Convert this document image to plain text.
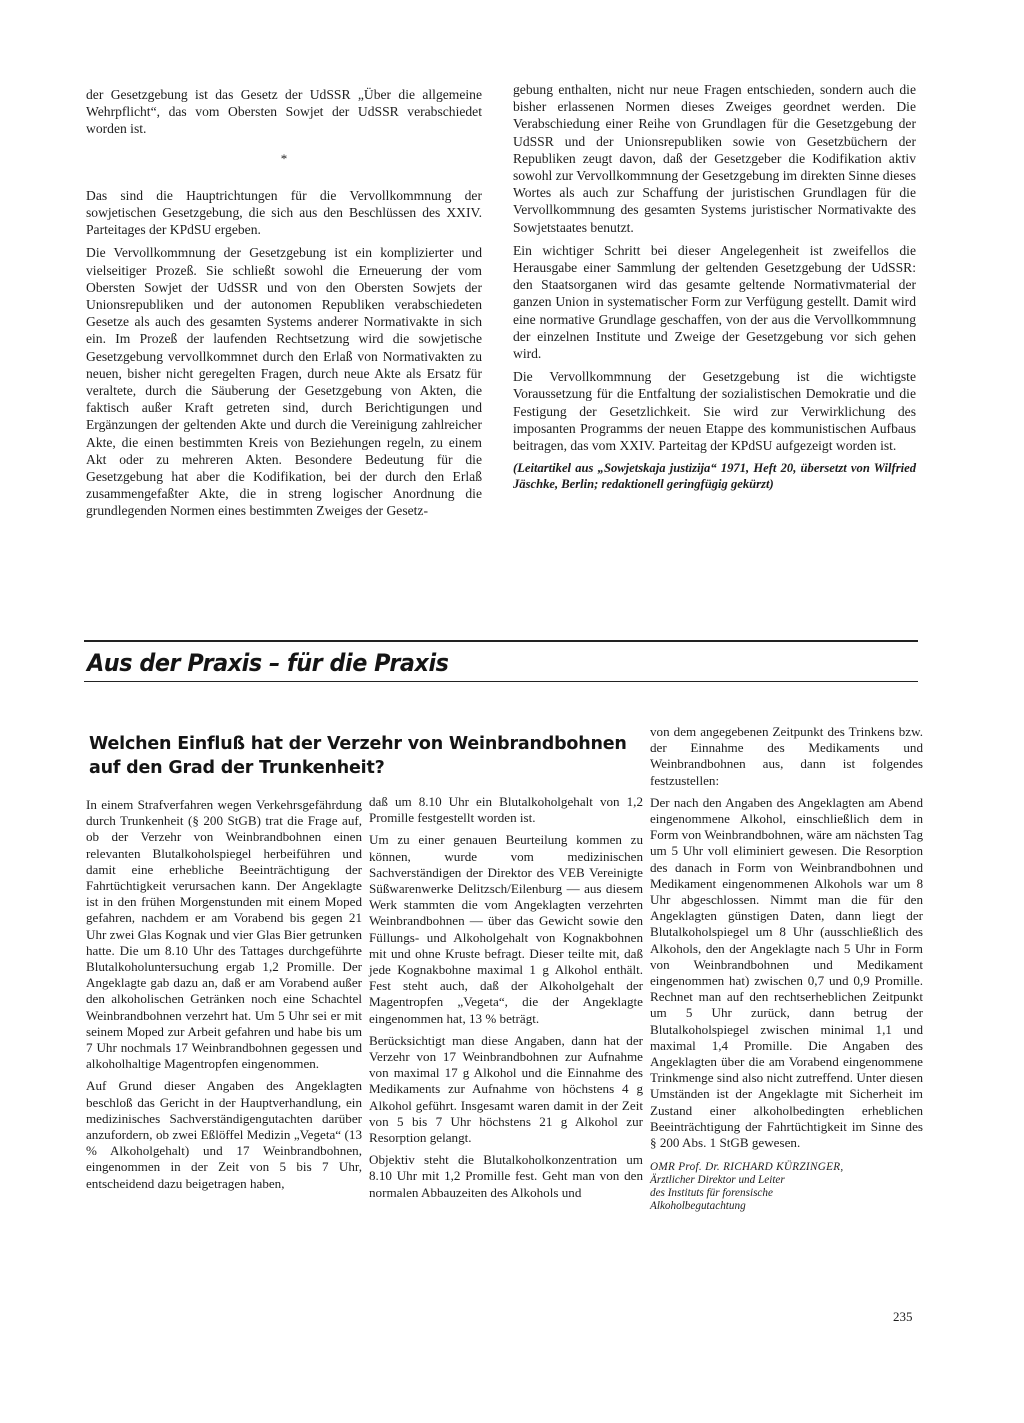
der Gesetzgebung ist das Gesetz der UdSSR „Über die allgemeine Wehrpflicht“, das vom Obersten Sowjet der UdSSR verabschiedet worden ist.

*

Das sind die Hauptrichtungen für die Vervollkommnung der sowjetischen Gesetzgebung, die sich aus den Beschlüssen des XXIV. Parteitages der KPdSU ergeben.

Die Vervollkommnung der Gesetzgebung ist ein komplizierter und vielseitiger Prozeß. Sie schließt sowohl die Erneuerung der vom Obersten Sowjet der UdSSR und von den Obersten Sowjets der Unionsrepubliken und der autonomen Republiken verabschiedeten Gesetze als auch des gesamten Systems anderer Normativakte in sich ein. Im Prozeß der laufenden Rechtsetzung wird die sowjetische Gesetzgebung vervollkommnet durch den Erlaß von Normativakten zu neuen, bisher nicht geregelten Fragen, durch neue Akte als Ersatz für veraltete, durch die Säuberung der Gesetzgebung von Akten, die faktisch außer Kraft getreten sind, durch Berichtigungen und Ergänzungen der geltenden Akte und durch die Vereinigung zahlreicher Akte, die einen bestimmten Kreis von Beziehungen regeln, zu einem Akt oder zu mehreren Akten. Besondere Bedeutung für die Gesetzgebung hat aber die Kodifikation, bei der durch den Erlaß zusammengefaßter Akte, die in streng logischer Anordnung die grundlegenden Normen eines bestimmten Zweiges der Gesetz-

gebung enthalten, nicht nur neue Fragen entschieden, sondern auch die bisher erlassenen Normen dieses Zweiges geordnet werden. Die Verabschiedung einer Reihe von Grundlagen für die Gesetzgebung der UdSSR und der Unionsrepubliken sowie von Gesetzbüchern der Republiken zeugt davon, daß der Gesetzgeber die Kodifikation aktiv sowohl zur Vervollkommnung der Gesetzgebung im direkten Sinne dieses Wortes als auch zur Schaffung der juristischen Grundlagen für die Vervollkommnung des gesamten Systems juristischer Normativakte des Sowjetstaates benutzt.

Ein wichtiger Schritt bei dieser Angelegenheit ist zweifellos die Herausgabe einer Sammlung der geltenden Gesetzgebung der UdSSR: den Staatsorganen wird das gesamte geltende Normativmaterial der ganzen Union in systematischer Form zur Verfügung gestellt. Damit wird eine normative Grundlage geschaffen, von der aus die Vervollkommnung der einzelnen Institute und Zweige der Gesetzgebung vor sich gehen wird.

Die Vervollkommnung der Gesetzgebung ist die wichtigste Voraussetzung für die Entfaltung der sozialistischen Demokratie und die Festigung der Gesetzlichkeit. Sie wird zur Verwirklichung des imposanten Programms der neuen Etappe des kommunistischen Aufbaus beitragen, das vom XXIV. Parteitag der KPdSU aufgezeigt worden ist.

(Leitartikel aus „Sowjetskaja justizija“ 1971, Heft 20, übersetzt von Wilfried Jäschke, Berlin; redaktionell geringfügig gekürzt)

Aus der Praxis – für die Praxis
Welchen Einfluß hat der Verzehr von Weinbrandbohnen
auf den Grad der Trunkenheit?

In einem Strafverfahren wegen Verkehrsgefährdung durch Trunkenheit (§ 200 StGB) trat die Frage auf, ob der Verzehr von Weinbrandbohnen einen relevanten Blutalkoholspiegel herbeiführen und damit eine erhebliche Beeinträchtigung der Fahrtüchtigkeit verursachen kann. Der Angeklagte ist in den frühen Morgenstunden mit einem Moped gefahren, nachdem er am Vorabend bis gegen 21 Uhr zwei Glas Kognak und vier Glas Bier getrunken hatte. Die um 8.10 Uhr des Tattages durchgeführte Blutalkoholuntersuchung ergab 1,2 Promille. Der Angeklagte gab dazu an, daß er am Vorabend außer den alkoholischen Getränken noch eine Schachtel Weinbrandbohnen verzehrt hat. Um 5 Uhr sei er mit seinem Moped zur Arbeit gefahren und habe bis um 7 Uhr nochmals 17 Weinbrandbohnen gegessen und alkoholhaltige Magentropfen eingenommen.

Auf Grund dieser Angaben des Angeklagten beschloß das Gericht in der Hauptverhandlung, ein medizinisches Sachverständigengutachten darüber anzufordern, ob zwei Eßlöffel Medizin „Vegeta“ (13 % Alkoholgehalt) und 17 Weinbrandbohnen, eingenommen in der Zeit von 5 bis 7 Uhr, entscheidend dazu beigetragen haben,

daß um 8.10 Uhr ein Blutalkoholgehalt von 1,2 Promille festgestellt worden ist.

Um zu einer genauen Beurteilung kommen zu können, wurde vom medizinischen Sachverständigen der Direktor des VEB Vereinigte Süßwarenwerke Delitzsch/Eilenburg — aus diesem Werk stammten die vom Angeklagten verzehrten Weinbrandbohnen — über das Gewicht sowie den Füllungs- und Alkoholgehalt von Kognakbohnen mit und ohne Kruste befragt. Dieser teilte mit, daß jede Kognakbohne maximal 1 g Alkohol enthält. Fest steht auch, daß der Alkoholgehalt der Magentropfen „Vegeta“, die der Angeklagte eingenommen hat, 13 % beträgt.

Berücksichtigt man diese Angaben, dann hat der Verzehr von 17 Weinbrandbohnen zur Aufnahme von maximal 17 g Alkohol und die Einnahme des Medikaments zur Aufnahme von höchstens 4 g Alkohol geführt. Insgesamt waren damit in der Zeit von 5 bis 7 Uhr höchstens 21 g Alkohol zur Resorption gelangt.

Objektiv steht die Blutalkoholkonzentration um 8.10 Uhr mit 1,2 Promille fest. Geht man von den normalen Abbauzeiten des Alkohols und

von dem angegebenen Zeitpunkt des Trinkens bzw. der Einnahme des Medikaments und Weinbrandbohnen aus, dann ist folgendes festzustellen:

Der nach den Angaben des Angeklagten am Abend eingenommene Alkohol, einschließlich dem in Form von Weinbrandbohnen, wäre am nächsten Tag um 5 Uhr voll eliminiert gewesen. Die Resorption des danach in Form von Weinbrandbohnen und Medikament eingenommenen Alkohols war um 8 Uhr abgeschlossen. Nimmt man die für den Angeklagten günstigen Daten, dann liegt der Blutalkoholspiegel um 8 Uhr (ausschließlich des Alkohols, den der Angeklagte nach 5 Uhr in Form von Weinbrandbohnen und Medikament eingenommen hat) zwischen 0,7 und 0,9 Promille. Rechnet man auf den rechtserheblichen Zeitpunkt um 5 Uhr zurück, dann betrug der Blutalkoholspiegel zwischen minimal 1,1 und maximal 1,4 Promille. Die Angaben des Angeklagten über die am Vorabend eingenommene Trinkmenge sind also nicht zutreffend. Unter diesen Umständen ist der Angeklagte mit Sicherheit im Zustand einer alkoholbedingten erheblichen Beeinträchtigung der Fahrtüchtigkeit im Sinne des § 200 Abs. 1 StGB gewesen.

OMR Prof. Dr. RICHARD KÜRZINGER,
Ärztlicher Direktor und Leiter
des Instituts für forensische
Alkoholbegutachtung
235
